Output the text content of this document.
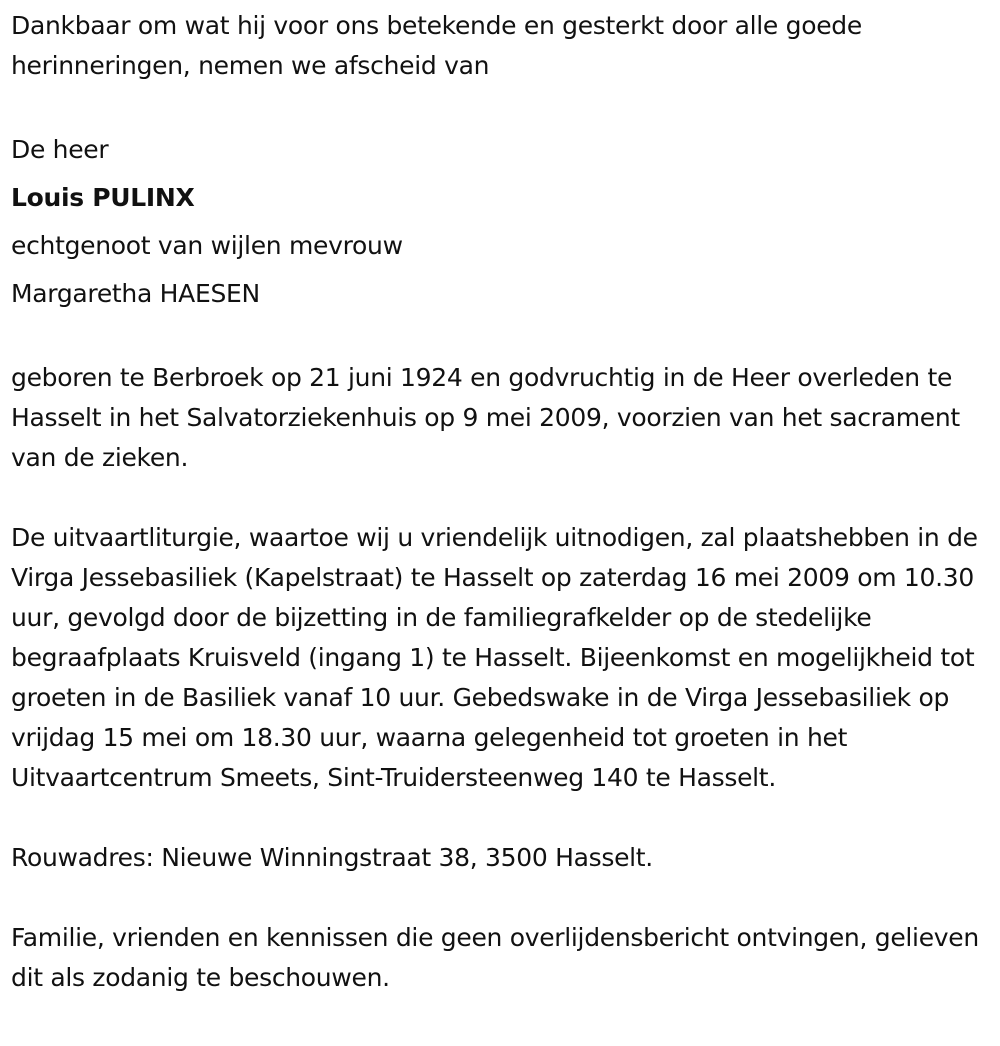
Dankbaar om wat hij voor ons betekende en gesterkt door alle goede herinneringen, nemen we afscheid van

De heer

Louis PULINX

echtgenoot van wijlen mevrouw

Margaretha HAESEN

geboren te Berbroek op 21 juni 1924 en godvruchtig in de Heer overleden te Hasselt in het Salvatorziekenhuis op 9 mei 2009, voorzien van het sacrament van de zieken.

De uitvaartliturgie, waartoe wij u vriendelijk uitnodigen, zal plaatshebben in de Virga Jessebasiliek (Kapelstraat) te Hasselt op zaterdag 16 mei 2009 om 10.30 uur, gevolgd door de bijzetting in de familiegrafkelder op de stedelijke begraafplaats Kruisveld (ingang 1) te Hasselt. Bijeenkomst en mogelijkheid tot groeten in de Basiliek vanaf 10 uur. Gebedswake in de Virga Jessebasiliek op vrijdag 15 mei om 18.30 uur, waarna gelegenheid tot groeten in het Uitvaartcentrum Smeets, Sint-Truidersteenweg 140 te Hasselt.

Rouwadres: Nieuwe Winningstraat 38, 3500 Hasselt.

Familie, vrienden en kennissen die geen overlijdensbericht ontvingen, gelieven dit als zodanig te beschouwen.
